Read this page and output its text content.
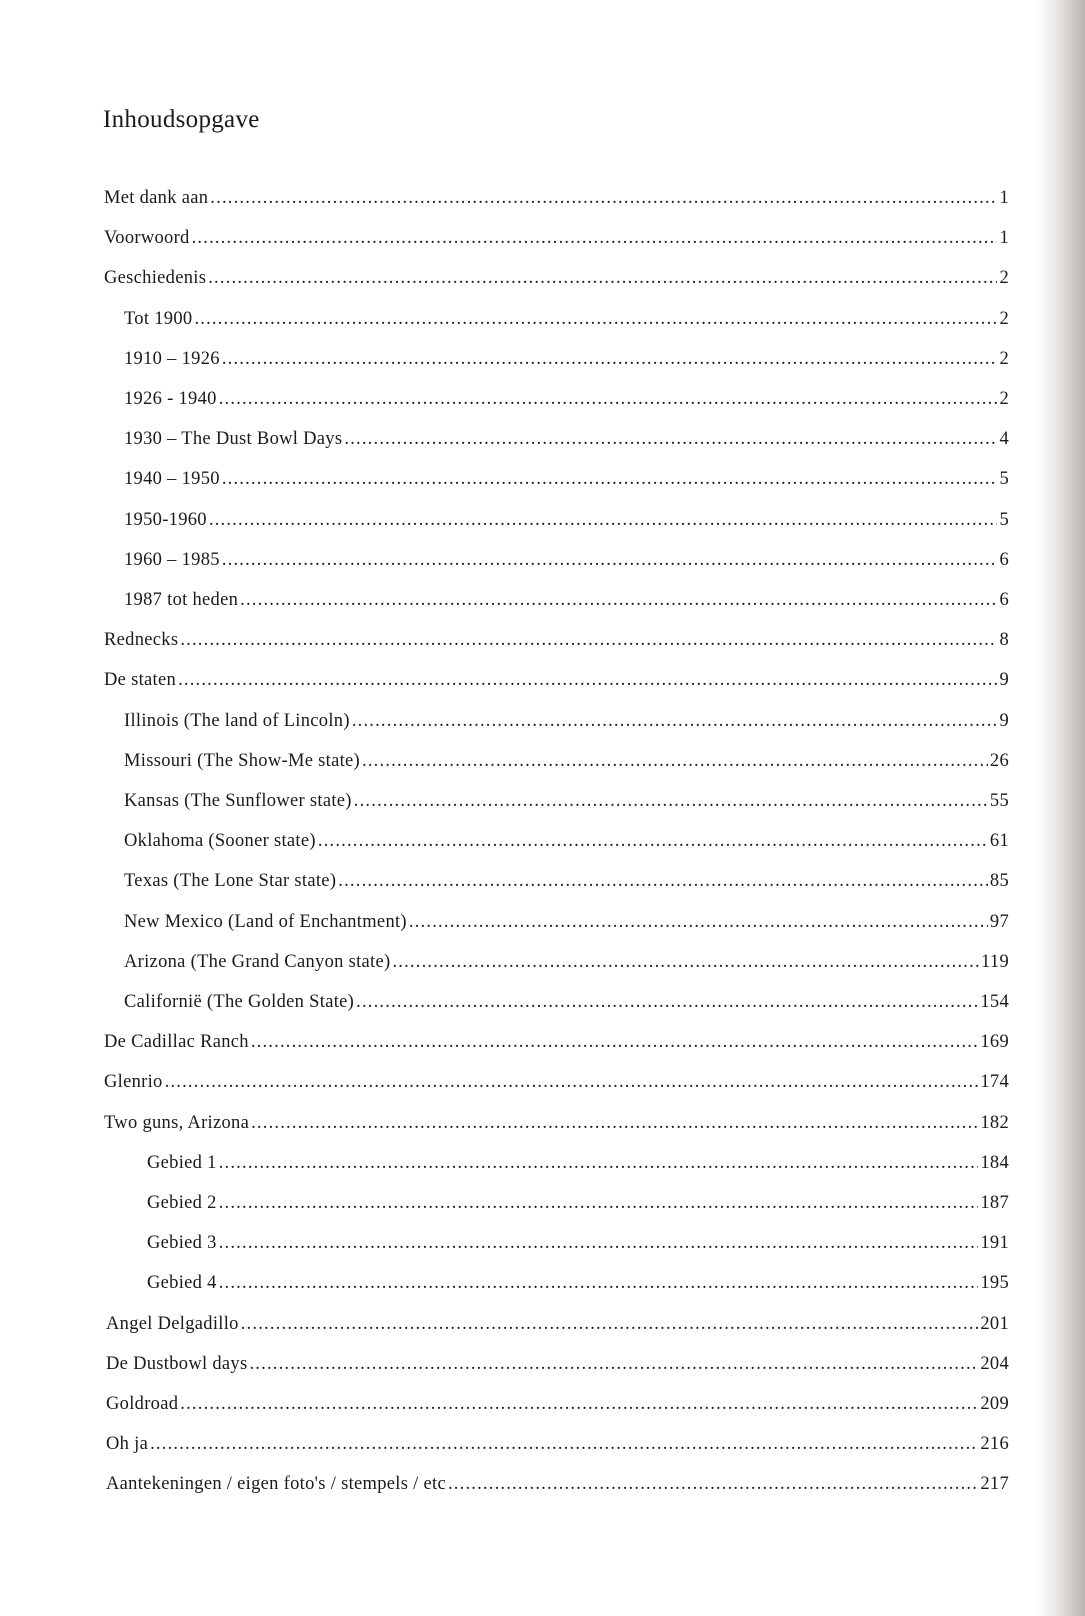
Inhoudsopgave
Met dank aan .....	1
Voorwoord .....	1
Geschiedenis .....	2
Tot 1900 .....	2
1910 – 1926 .....	2
1926 - 1940 .....	2
1930 – The Dust Bowl Days .....	4
1940 – 1950 .....	5
1950-1960 .....	5
1960 – 1985 .....	6
1987 tot heden .....	6
Rednecks .....	8
De staten .....	9
Illinois (The land of Lincoln) .....	9
Missouri (The Show-Me state) .....	26
Kansas (The Sunflower state) .....	55
Oklahoma (Sooner state) .....	61
Texas (The Lone Star state) .....	85
New Mexico (Land of Enchantment) .....	97
Arizona (The Grand Canyon state) .....	119
Californië (The Golden State) .....	154
De Cadillac Ranch .....	169
Glenrio .....	174
Two guns, Arizona .....	182
Gebied 1 .....	184
Gebied 2 .....	187
Gebied 3 .....	191
Gebied 4 .....	195
Angel Delgadillo .....	201
De Dustbowl days .....	204
Goldroad .....	209
Oh ja .....	216
Aantekeningen / eigen foto's / stempels / etc .....	217
